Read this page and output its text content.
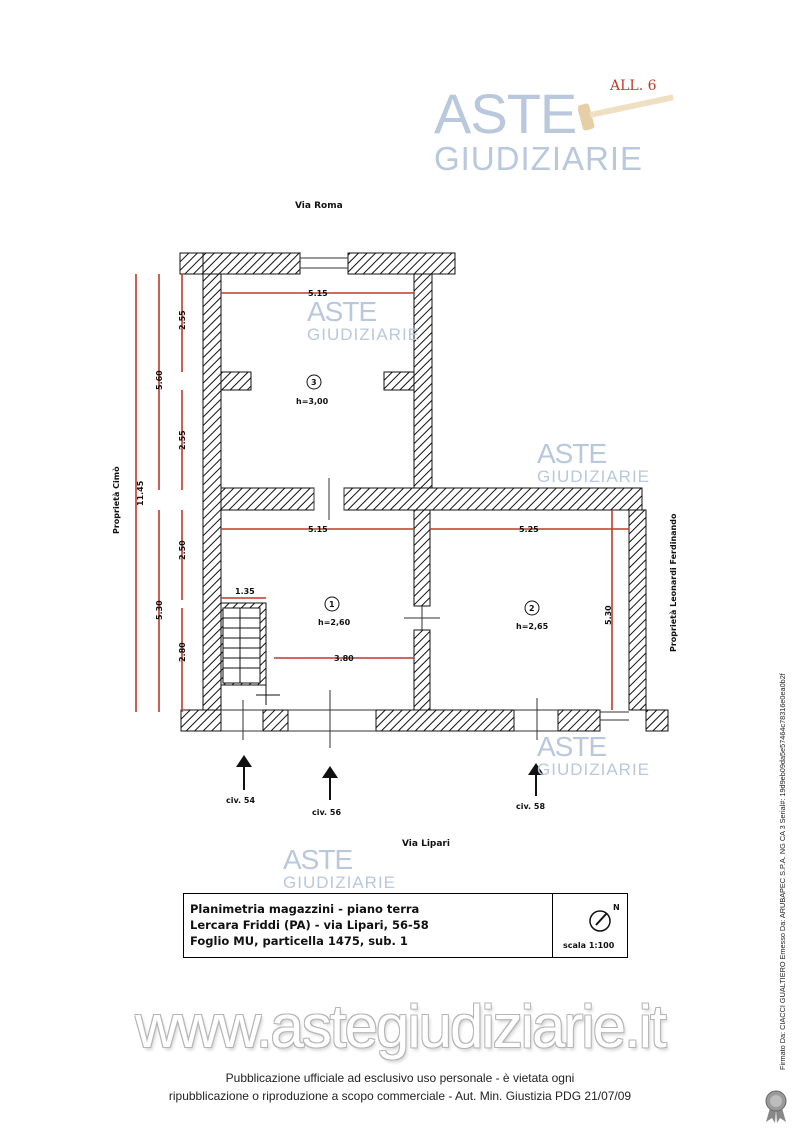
ALL. 6
ASTE
GIUDIZIARIE
Via Roma
5.15
5.15	5.25
1.35
3.80
5.30
11.45
5.60
5.30
2.55
2.55
2.50
2.80
Proprietà Cimò
Proprietà Leonardi Ferdinando
3
h=3,00
1
h=2,60
2
h=2,65
civ. 54
civ. 56
civ. 58
Via Lipari
ASTE
GIUDIZIARIE
ASTE
GIUDIZIARIE
ASTE
GIUDIZIARIE
ASTE
GIUDIZIARIE
Planimetria magazzini - piano terra
Lercara Friddi (PA) - via Lipari, 56-58
Foglio MU, particella 1475, sub. 1
N
scala 1:100
www.astegiudiziarie.it
Pubblicazione ufficiale ad esclusivo uso personale - è vietata ogni
ripubblicazione o riproduzione a scopo commerciale - Aut. Min. Giustizia PDG 21/07/09
Firmato Da: CIACCI GUALTIERO Emesso Da: ARUBAPEC S.P.A. NG CA 3 Serial#: 19d9eb09da5e57464c78316e0ea0b2f
